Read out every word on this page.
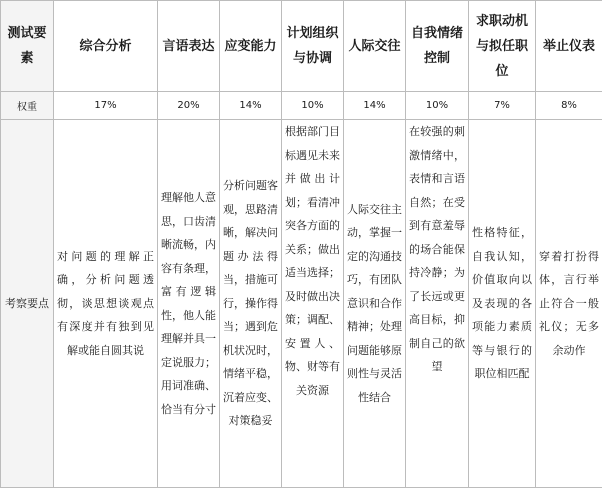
测试要素	综合分析	言语表达	应变能力	计划组织与协调	人际交往	自我情绪控制	求职动机与拟任职位	举止仪表
权重	17%	20%	14%	10%	14%	10%	7%	8%
考察要点	对问题的理解正确，分析问题透彻，谈思想谈观点有深度并有独到见解或能自圆其说	理解他人意思，口齿清晰流畅，内容有条理，富有逻辑性，他人能理解并具一定说服力；用词准确、恰当有分寸	分析问题客观，思路清晰，解决问题办法得当，措施可行，操作得当；遇到危机状况时，情绪平稳，沉着应变、对策稳妥	根据部门目标遇见未来并做出计划；看清冲突各方面的关系；做出适当选择；及时做出决策；调配、安置人、物、财等有关资源	人际交往主动，掌握一定的沟通技巧，有团队意识和合作精神；处理问题能够原则性与灵活性结合	在较强的刺激情绪中，表情和言语自然；在受到有意羞辱的场合能保持冷静；为了长远或更高目标，抑制自己的欲望	性格特征，自我认知，价值取向以及表现的各项能力素质等与银行的职位相匹配	穿着打扮得体，言行举止符合一般礼仪；无多余动作
